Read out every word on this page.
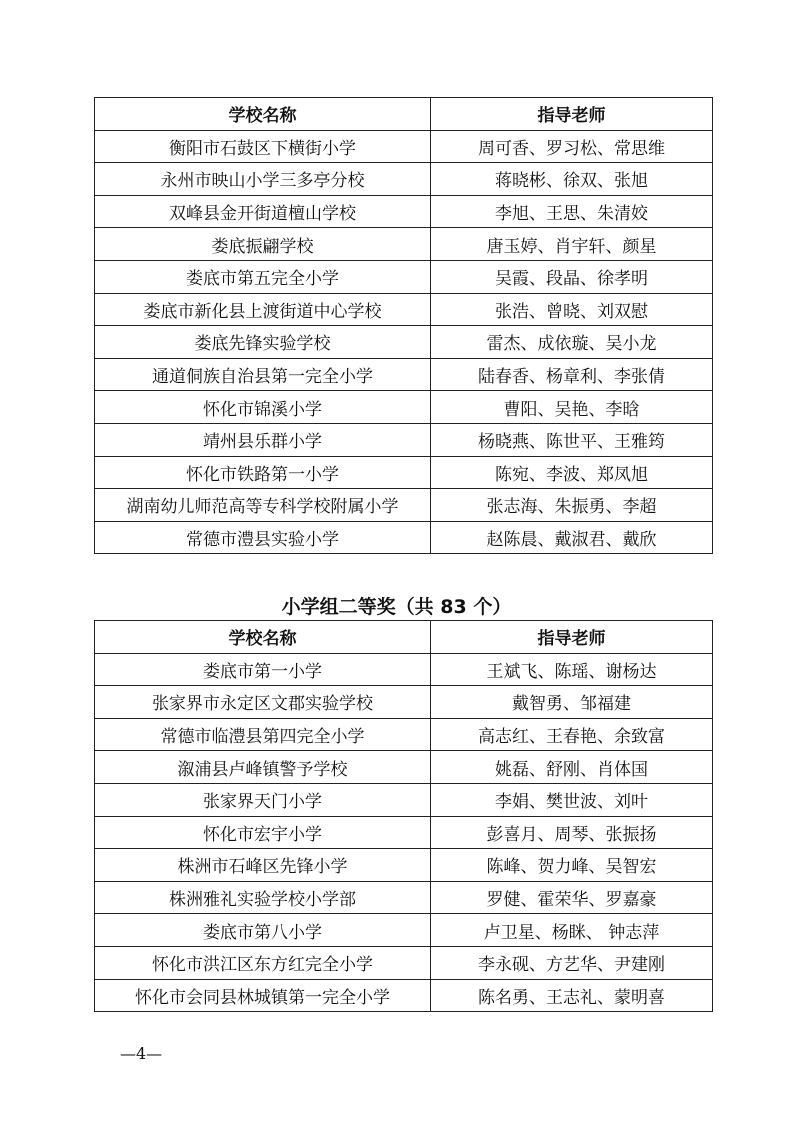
学校名称	指导老师
衡阳市石鼓区下横街小学	周可香、罗习松、常思维
永州市映山小学三多亭分校	蒋晓彬、徐双、张旭
双峰县金开街道檀山学校	李旭、王思、朱清姣
娄底振翩学校	唐玉婷、肖宇轩、颜星
娄底市第五完全小学	吴霞、段晶、徐孝明
娄底市新化县上渡街道中心学校	张浩、曾晓、刘双慰
娄底先锋实验学校	雷杰、成依璇、吴小龙
通道侗族自治县第一完全小学	陆春香、杨章利、李张倩
怀化市锦溪小学	曹阳、吴艳、李晗
靖州县乐群小学	杨晓燕、陈世平、王雅筠
怀化市铁路第一小学	陈宛、李波、郑凤旭
湖南幼儿师范高等专科学校附属小学	张志海、朱振勇、李超
常德市澧县实验小学	赵陈晨、戴淑君、戴欣
小学组二等奖（共 83 个）
学校名称	指导老师
娄底市第一小学	王斌飞、陈瑶、谢杨达
张家界市永定区文郡实验学校	戴智勇、邹福建
常德市临澧县第四完全小学	高志红、王春艳、余致富
溆浦县卢峰镇警予学校	姚磊、舒刚、肖体国
张家界天门小学	李娟、樊世波、刘叶
怀化市宏宇小学	彭喜月、周琴、张振扬
株洲市石峰区先锋小学	陈峰、贺力峰、吴智宏
株洲雅礼实验学校小学部	罗健、霍荣华、罗嘉豪
娄底市第八小学	卢卫星、杨眯、 钟志萍
怀化市洪江区东方红完全小学	李永砚、方艺华、尹建刚
怀化市会同县林城镇第一完全小学	陈名勇、王志礼、蒙明喜
—4—
